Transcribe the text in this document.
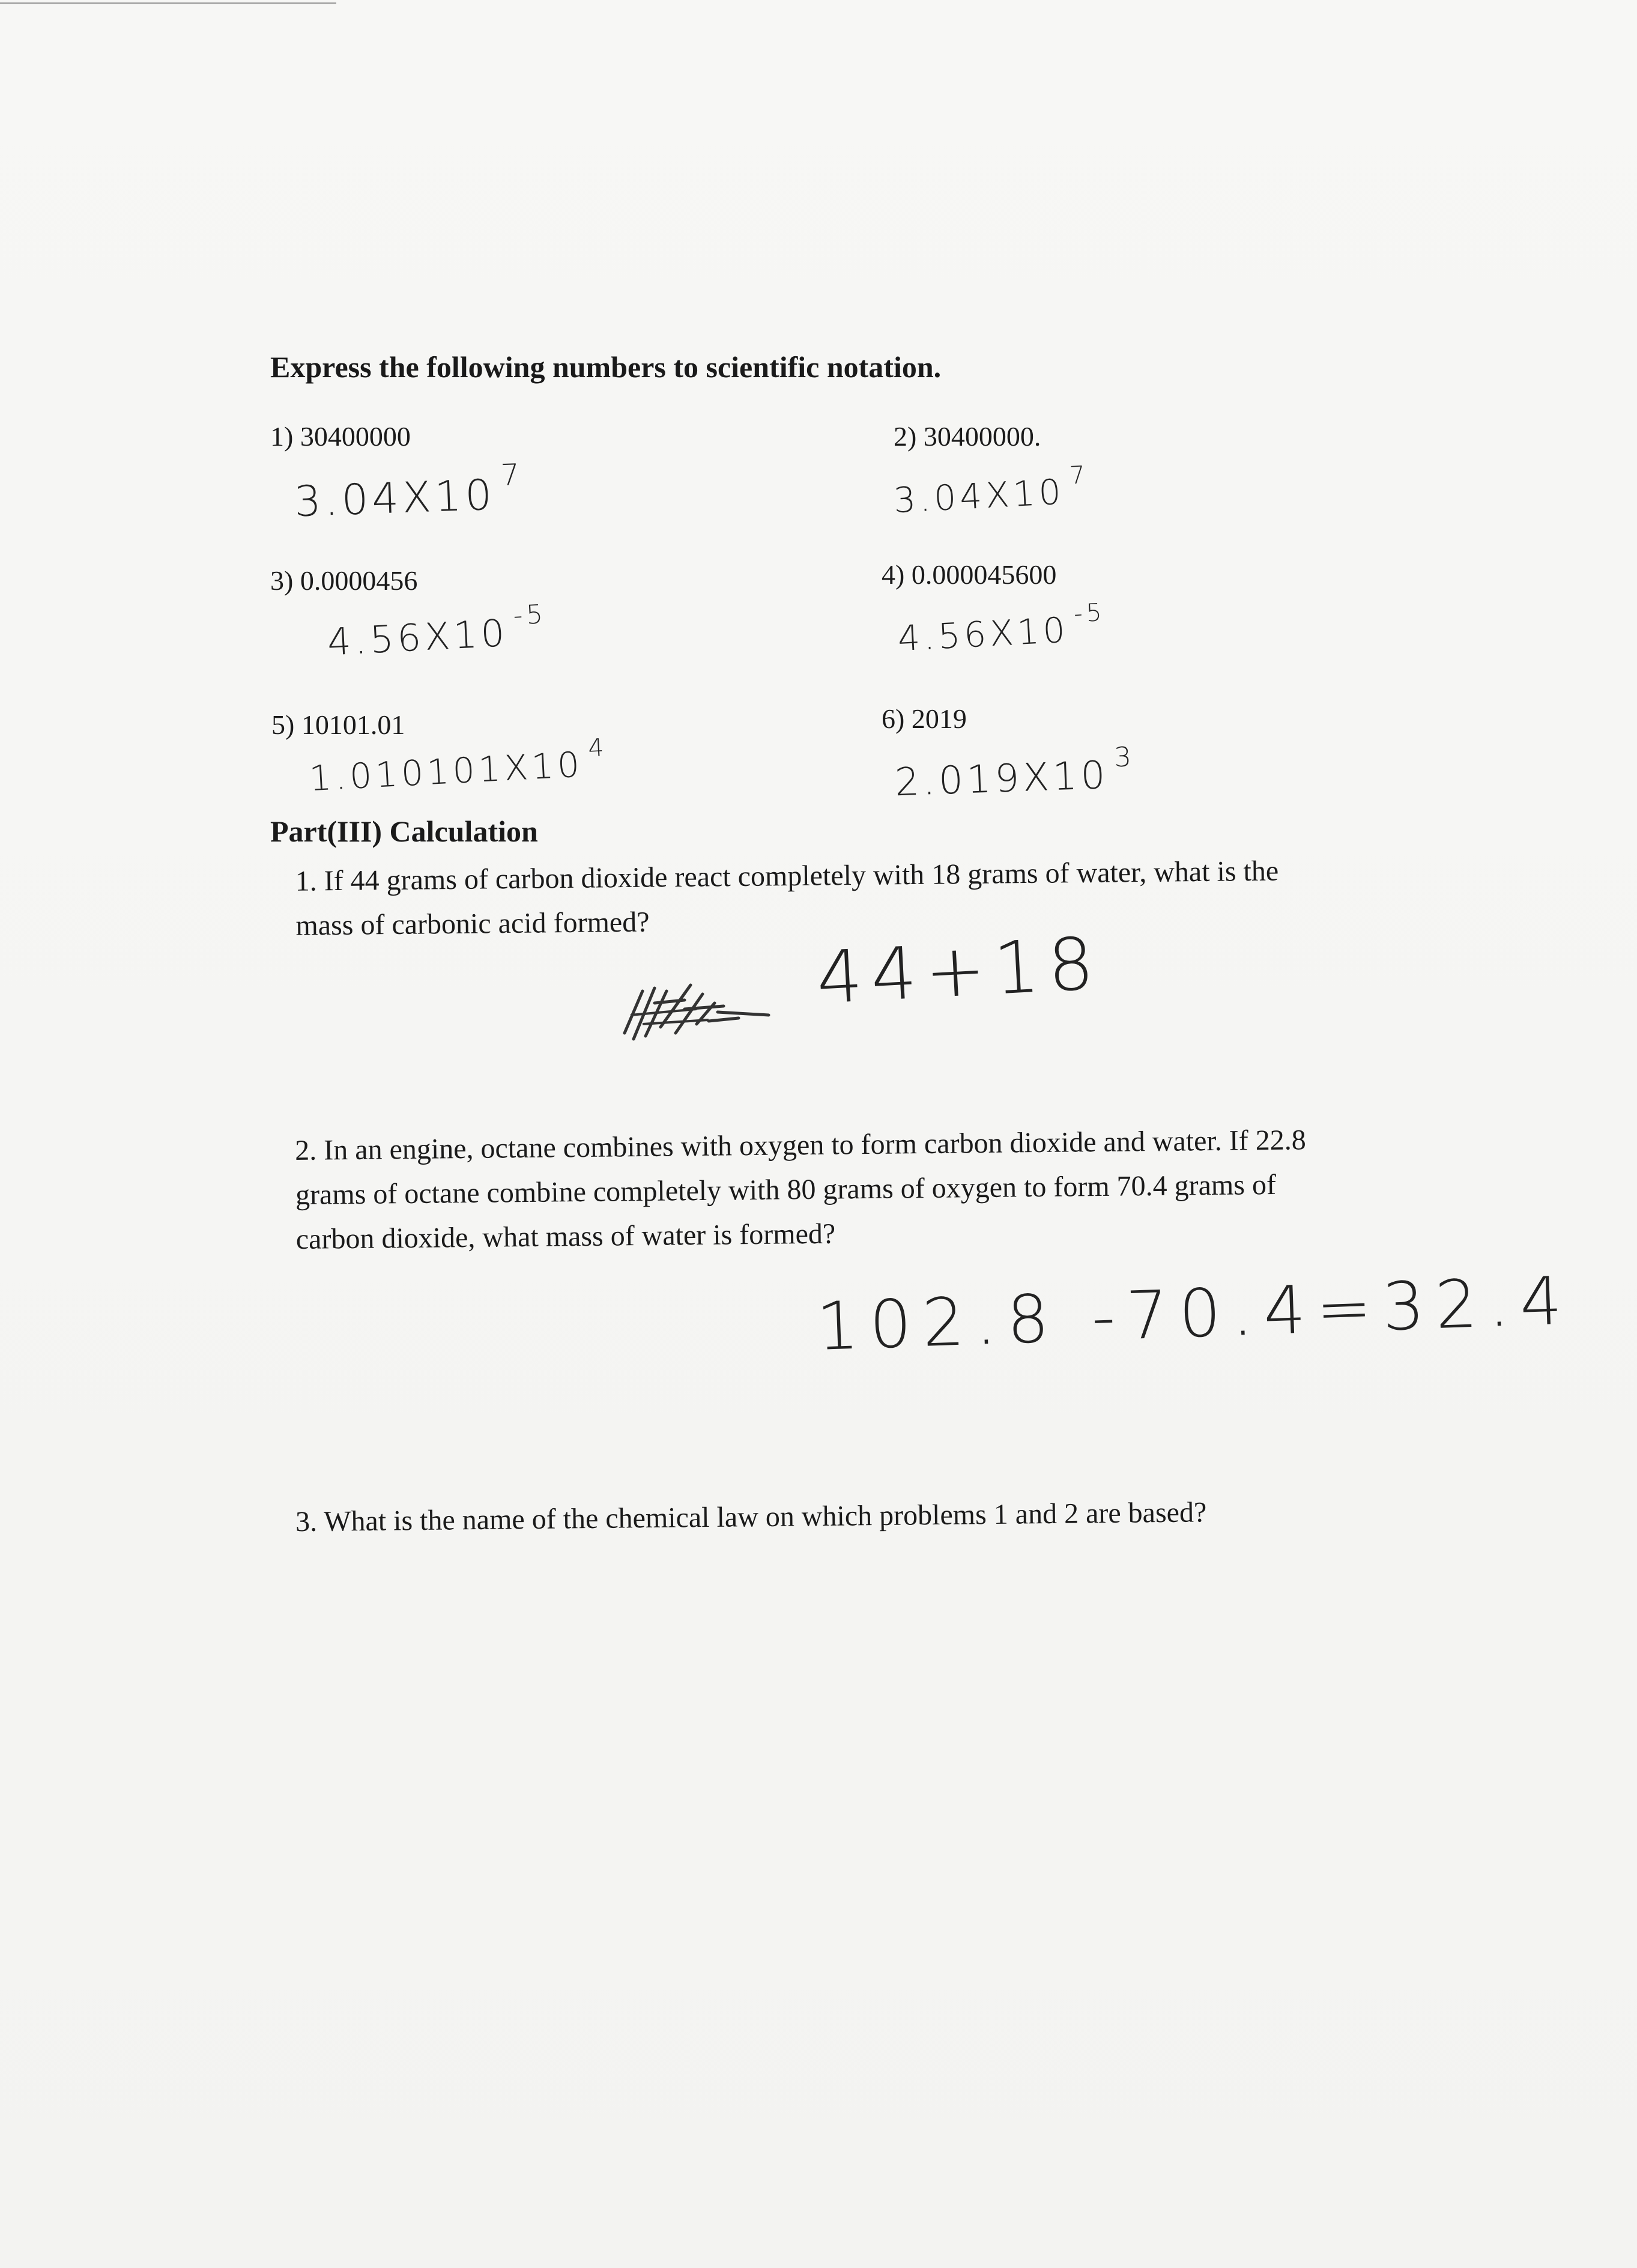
Express the following numbers to scientific notation.
1) 30400000
3.04X10 $^7$
2) 30400000.
3.04X10 $^7$
3) 0.0000456
4.56X10 $^{-5}$
4) 0.000045600
4.56X10 $^{-5}$
5) 10101.01
1.010101X10 $^4$
6) 2019
2.019X10 $^3$
Part(III) Calculation
1. If 44 grams of carbon dioxide react completely with 18 grams of water, what is the mass of carbonic acid formed?	44+18
2. In an engine, octane combines with oxygen to form carbon dioxide and water. If 22.8 grams of octane combine completely with 80 grams of oxygen to form 70.4 grams of carbon dioxide, what mass of water is formed?
102.8 -70.4=32.4
3. What is the name of the chemical law on which problems 1 and 2 are based?
